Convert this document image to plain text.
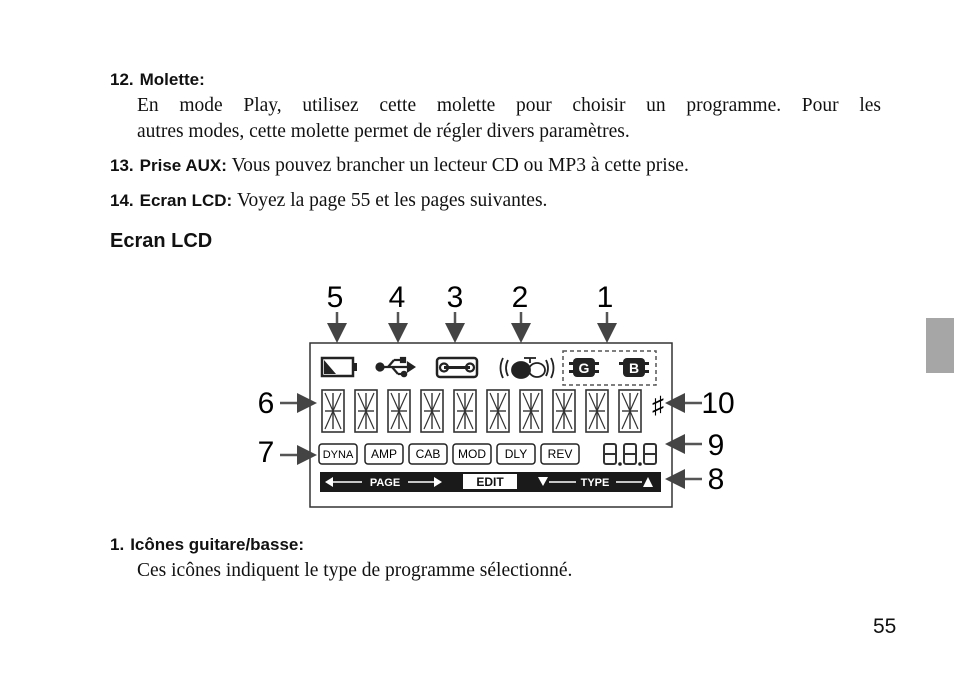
12. Molette:
En mode Play, utilisez cette molette pour choisir un programme. Pour les
autres modes, cette molette permet de régler divers paramètres.
13. Prise AUX: Vous pouvez brancher un lecteur CD ou MP3 à cette prise.
14. Ecran LCD: Voyez la page 55 et les pages suivantes.
Ecran LCD
5 4 3 2 1
G	B
♯
DYNA AMP CAB MOD DLY REV
PAGE	EDIT	TYPE
6
7
10
9
8
1. Icônes guitare/basse:
Ces icônes indiquent le type de programme sélectionné.
55
